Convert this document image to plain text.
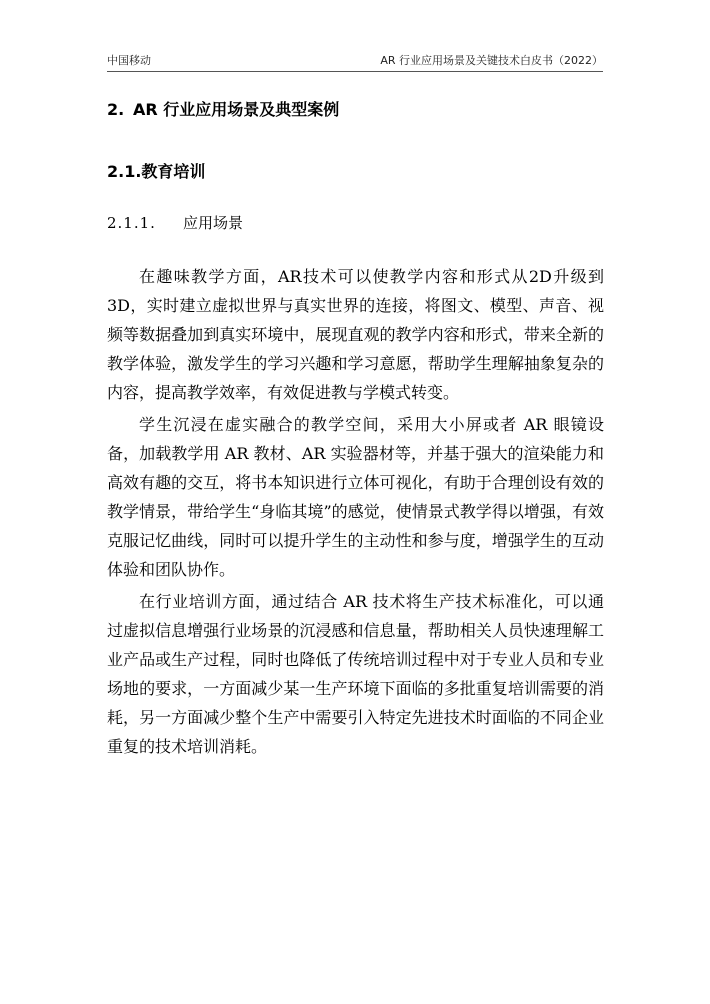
中国移动	AR 行业应用场景及关键技术白皮书（2022）
2. AR 行业应用场景及典型案例
2.1.教育培训
2.1.1. 应用场景

在趣味教学方面，AR技术可以使教学内容和形式从2D升级到3D，实时建立虚拟世界与真实世界的连接，将图文、模型、声音、视频等数据叠加到真实环境中，展现直观的教学内容和形式，带来全新的教学体验，激发学生的学习兴趣和学习意愿，帮助学生理解抽象复杂的内容，提高教学效率，有效促进教与学模式转变。

学生沉浸在虚实融合的教学空间，采用大小屏或者 AR 眼镜设备，加载教学用 AR 教材、AR 实验器材等，并基于强大的渲染能力和高效有趣的交互，将书本知识进行立体可视化，有助于合理创设有效的教学情景，带给学生“身临其境”的感觉，使情景式教学得以增强，有效克服记忆曲线，同时可以提升学生的主动性和参与度，增强学生的互动体验和团队协作。

在行业培训方面，通过结合 AR 技术将生产技术标准化，可以通过虚拟信息增强行业场景的沉浸感和信息量，帮助相关人员快速理解工业产品或生产过程，同时也降低了传统培训过程中对于专业人员和专业场地的要求，一方面减少某一生产环境下面临的多批重复培训需要的消耗，另一方面减少整个生产中需要引入特定先进技术时面临的不同企业重复的技术培训消耗。
